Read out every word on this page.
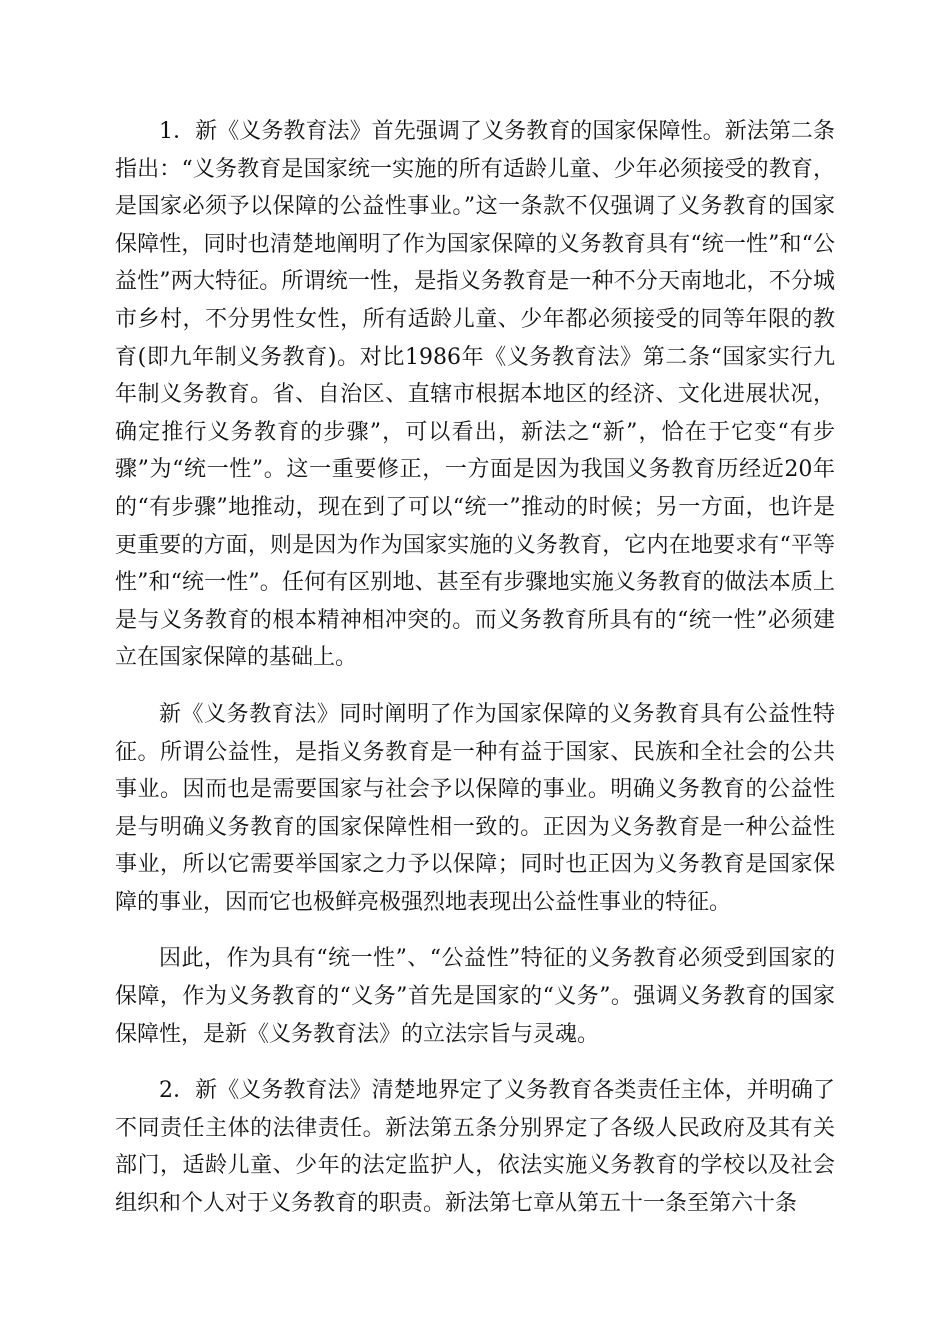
1．新《义务教育法》首先强调了义务教育的国家保障性。新法第二条指出：“义务教育是国家统一实施的所有适龄儿童、少年必须接受的教育，是国家必须予以保障的公益性事业。”这一条款不仅强调了义务教育的国家保障性，同时也清楚地阐明了作为国家保障的义务教育具有“统一性”和“公益性”两大特征。所谓统一性，是指义务教育是一种不分天南地北，不分城市乡村，不分男性女性，所有适龄儿童、少年都必须接受的同等年限的教育(即九年制义务教育)。对比1986年《义务教育法》第二条“国家实行九年制义务教育。省、自治区、直辖市根据本地区的经济、文化进展状况，确定推行义务教育的步骤”，可以看出，新法之“新”，恰在于它变“有步骤”为“统一性”。这一重要修正，一方面是因为我国义务教育历经近20年的“有步骤”地推动，现在到了可以“统一”推动的时候；另一方面，也许是更重要的方面，则是因为作为国家实施的义务教育，它内在地要求有“平等性”和“统一性”。任何有区别地、甚至有步骤地实施义务教育的做法本质上是与义务教育的根本精神相冲突的。而义务教育所具有的“统一性”必须建立在国家保障的基础上。

新《义务教育法》同时阐明了作为国家保障的义务教育具有公益性特征。所谓公益性，是指义务教育是一种有益于国家、民族和全社会的公共事业。因而也是需要国家与社会予以保障的事业。明确义务教育的公益性是与明确义务教育的国家保障性相一致的。正因为义务教育是一种公益性事业，所以它需要举国家之力予以保障；同时也正因为义务教育是国家保障的事业，因而它也极鲜亮极强烈地表现出公益性事业的特征。

因此，作为具有“统一性”、“公益性”特征的义务教育必须受到国家的保障，作为义务教育的“义务”首先是国家的“义务”。强调义务教育的国家保障性，是新《义务教育法》的立法宗旨与灵魂。

2．新《义务教育法》清楚地界定了义务教育各类责任主体，并明确了不同责任主体的法律责任。新法第五条分别界定了各级人民政府及其有关部门，适龄儿童、少年的法定监护人，依法实施义务教育的学校以及社会组织和个人对于义务教育的职责。新法第七章从第五十一条至第六十条
